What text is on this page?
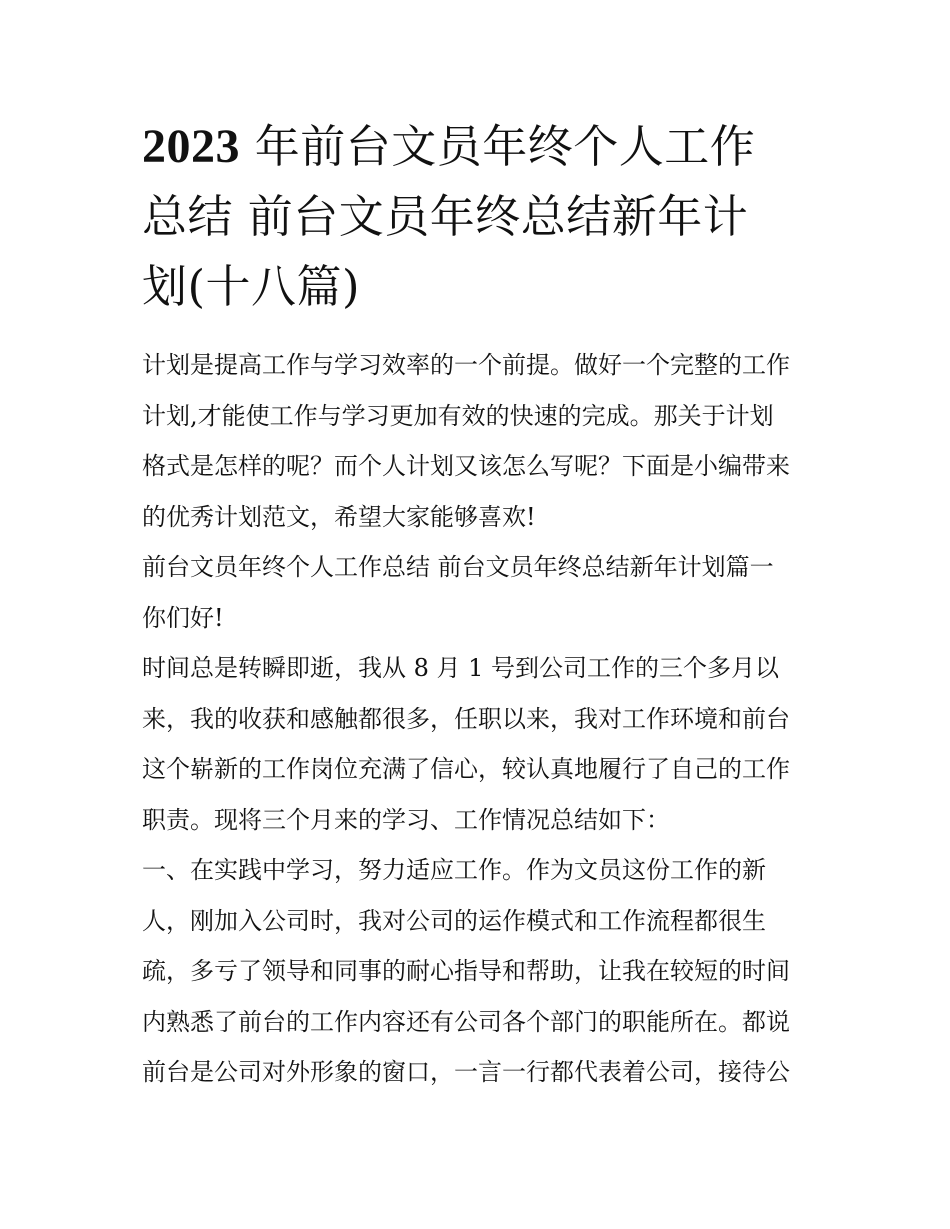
2023 年前台文员年终个人工作
总结 前台文员年终总结新年计
划(十八篇)

计划是提高工作与学习效率的一个前提。做好一个完整的工作
计划,才能使工作与学习更加有效的快速的完成。那关于计划
格式是怎样的呢？而个人计划又该怎么写呢？下面是小编带来
的优秀计划范文，希望大家能够喜欢!

前台文员年终个人工作总结 前台文员年终总结新年计划篇一

你们好!

时间总是转瞬即逝，我从 8 月 1 号到公司工作的三个多月以
来，我的收获和感触都很多，任职以来，我对工作环境和前台
这个崭新的工作岗位充满了信心，较认真地履行了自己的工作
职责。现将三个月来的学习、工作情况总结如下：

一、在实践中学习，努力适应工作。作为文员这份工作的新
人，刚加入公司时，我对公司的运作模式和工作流程都很生
疏，多亏了领导和同事的耐心指导和帮助，让我在较短的时间
内熟悉了前台的工作内容还有公司各个部门的职能所在。都说
前台是公司对外形象的窗口，一言一行都代表着公司，接待公
